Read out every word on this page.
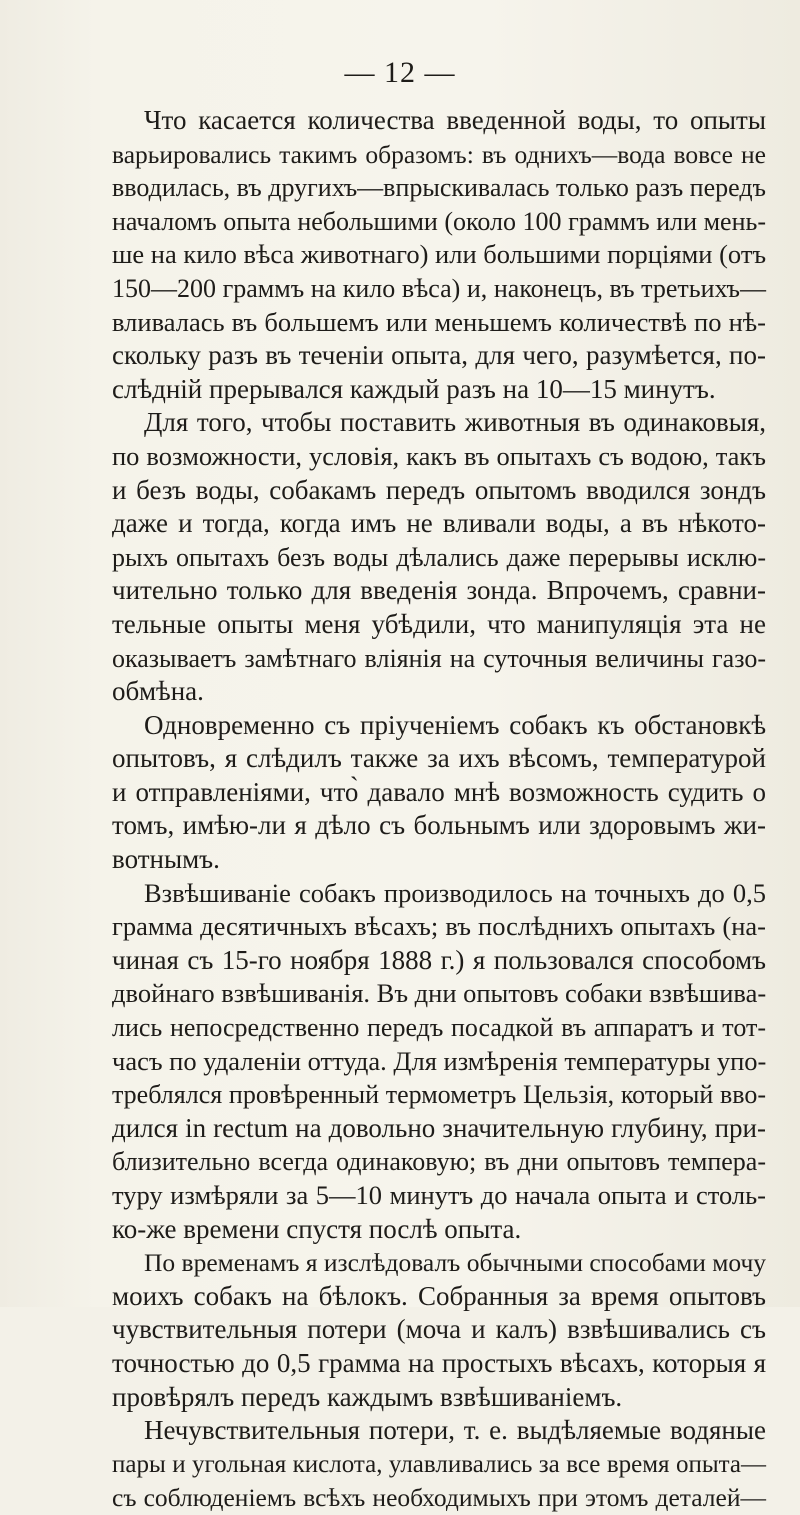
— 12 —

Что касается количества введенной воды, то опыты

варьировались такимъ образомъ: въ однихъ—вода вовсе не

вводилась, въ другихъ—впрыскивалась только разъ передъ

началомъ опыта небольшими (около 100 граммъ или мень-

ше на кило вѣса животнаго) или большими порціями (отъ

150—200 граммъ на кило вѣса) и, наконецъ, въ третьихъ—

вливалась въ большемъ или меньшемъ количествѣ по нѣ-

скольку разъ въ теченіи опыта, для чего, разумѣется, по-

слѣдній прерывался каждый разъ на 10—15 минутъ.

Для того, чтобы поставить животныя въ одинаковыя,

по возможности, условія, какъ въ опытахъ съ водою, такъ

и безъ воды, собакамъ передъ опытомъ вводился зондъ

даже и тогда, когда имъ не вливали воды, а въ нѣкото-

рыхъ опытахъ безъ воды дѣлались даже перерывы исклю-

чительно только для введенія зонда. Впрочемъ, сравни-

тельные опыты меня убѣдили, что манипуляція эта не

оказываетъ замѣтнаго вліянія на суточныя величины газо-

обмѣна.

Одновременно съ пріученіемъ собакъ къ обстановкѣ

опытовъ, я слѣдилъ также за ихъ вѣсомъ, температурой

и отправленіями, что̀ давало мнѣ возможность судить о

томъ, имѣю-ли я дѣло съ больнымъ или здоровымъ жи-

вотнымъ.

Взвѣшиваніе собакъ производилось на точныхъ до 0,5

грамма десятичныхъ вѣсахъ; въ послѣднихъ опытахъ (на-

чиная съ 15-го ноября 1888 г.) я пользовался способомъ

двойнаго взвѣшиванія. Въ дни опытовъ собаки взвѣшива-

лись непосредственно передъ посадкой въ аппаратъ и тот-

часъ по удаленіи оттуда. Для измѣренія температуры упо-

треблялся провѣренный термометръ Цельзія, который вво-

дился in rectum на довольно значительную глубину, при-

близительно всегда одинаковую; въ дни опытовъ темпера-

туру измѣряли за 5—10 минутъ до начала опыта и столь-

ко-же времени спустя послѣ опыта.

По временамъ я изслѣдовалъ обычными способами мочу

моихъ собакъ на бѣлокъ. Собранныя за время опытовъ

чувствительныя потери (моча и калъ) взвѣшивались съ

точностью до 0,5 грамма на простыхъ вѣсахъ, которыя я

провѣрялъ передъ каждымъ взвѣшиваніемъ.

Нечувствительныя потери, т. е. выдѣляемые водяные

пары и угольная кислота, улавливались за все время опыта—

съ соблюденіемъ всѣхъ необходимыхъ при этомъ деталей—
